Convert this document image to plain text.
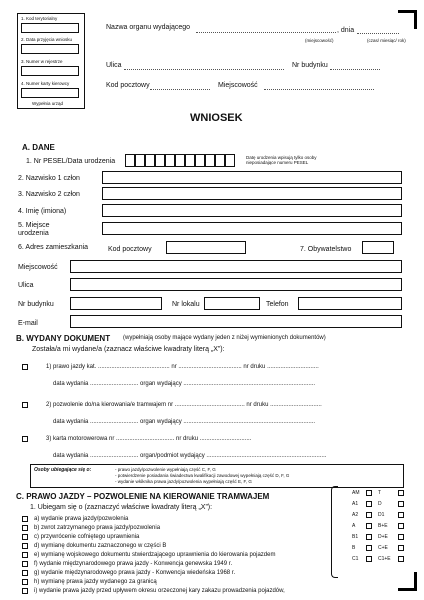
1. Kod terytorialny
2. Data przyjęcia wniosku
3. Numer w rejestrze
4. Numer karty kierowcy
Wypełnia urząd
Nazwa organu wydającego	, dnia
(miejscowość)	(czas/ miesiąc/ rok)
Ulica	Nr budynku
Kod pocztowy	Miejscowość
WNIOSEK
A. DANE
1. Nr PESEL/Data urodzenia
Datę urodzenia wpisują tylko osoby nieposiadające numeru PESEL
2. Nazwisko 1 człon
3. Nazwisko 2 człon
4. Imię (imiona)
5. Miejsce urodzenia
6. Adres zamieszkania	Kod pocztowy	7. Obywatelstwo
Miejscowość
Ulica
Nr budynku	Nr lokalu	Telefon
E-mail
B. WYDANY DOKUMENT (wypełniają osoby mające wydany jeden z niżej wymienionych dokumentów)
Została/a mi wydane/a (zaznacz właściwe kwadraty literą „X”):
1) prawo jazdy kat. ........................................... nr ...................................... nr druku ...............................
data wydania ............................. organ wydający ...............................................................................
2) pozwolenie do/na kierowania/e tramwajem nr .......................................... nr druku ...............................
data wydania ............................. organ wydający ...............................................................................
3) karta motorowerowa nr ................................... nr druku ...............................
data wydania ............................. organ/podmiot wydający ........................................................................
Osoby ubiegające się o:	- prawo jazdy/pozwolenie wypełniają część C, F, G
- potwierdzenie posiadania świadectwa kwalifikacji zawodowej wypełniają część D, F, G
- wydanie włóknika prawa jazdy/pozwolenia wypełniają część E, F, G
C. PRAWO JAZDY – POZWOLENIE NA KIEROWANIE TRAMWAJEM
1. Ubiegam się o (zaznaczyć właściwe kwadraty literą „X”):
a) wydanie prawa jazdy/pozwolenia
b) zwrot zatrzymanego prawa jazdy/pozwolenia
c) przywrócenie cofniętego uprawnienia
d) wymianę dokumentu zaznaczonego w części B
e) wymianę wojskowego dokumentu stwierdzającego uprawnienia do kierowania pojazdem
f) wydanie międzynarodowego prawa jazdy - Konwencja genewska 1949 r.
g) wydanie międzynarodowego prawa jazdy - Konwencja wiedeńska 1968 r.
h) wymianę prawa jazdy wydanego za granicą
i) wydanie prawa jazdy przed upływem okresu orzeczonej kary zakazu prowadzenia pojazdów,
AM	T
A1	D
A2	D1
A	B+E
B1	D+E
B	C+E
C1	C1+E
